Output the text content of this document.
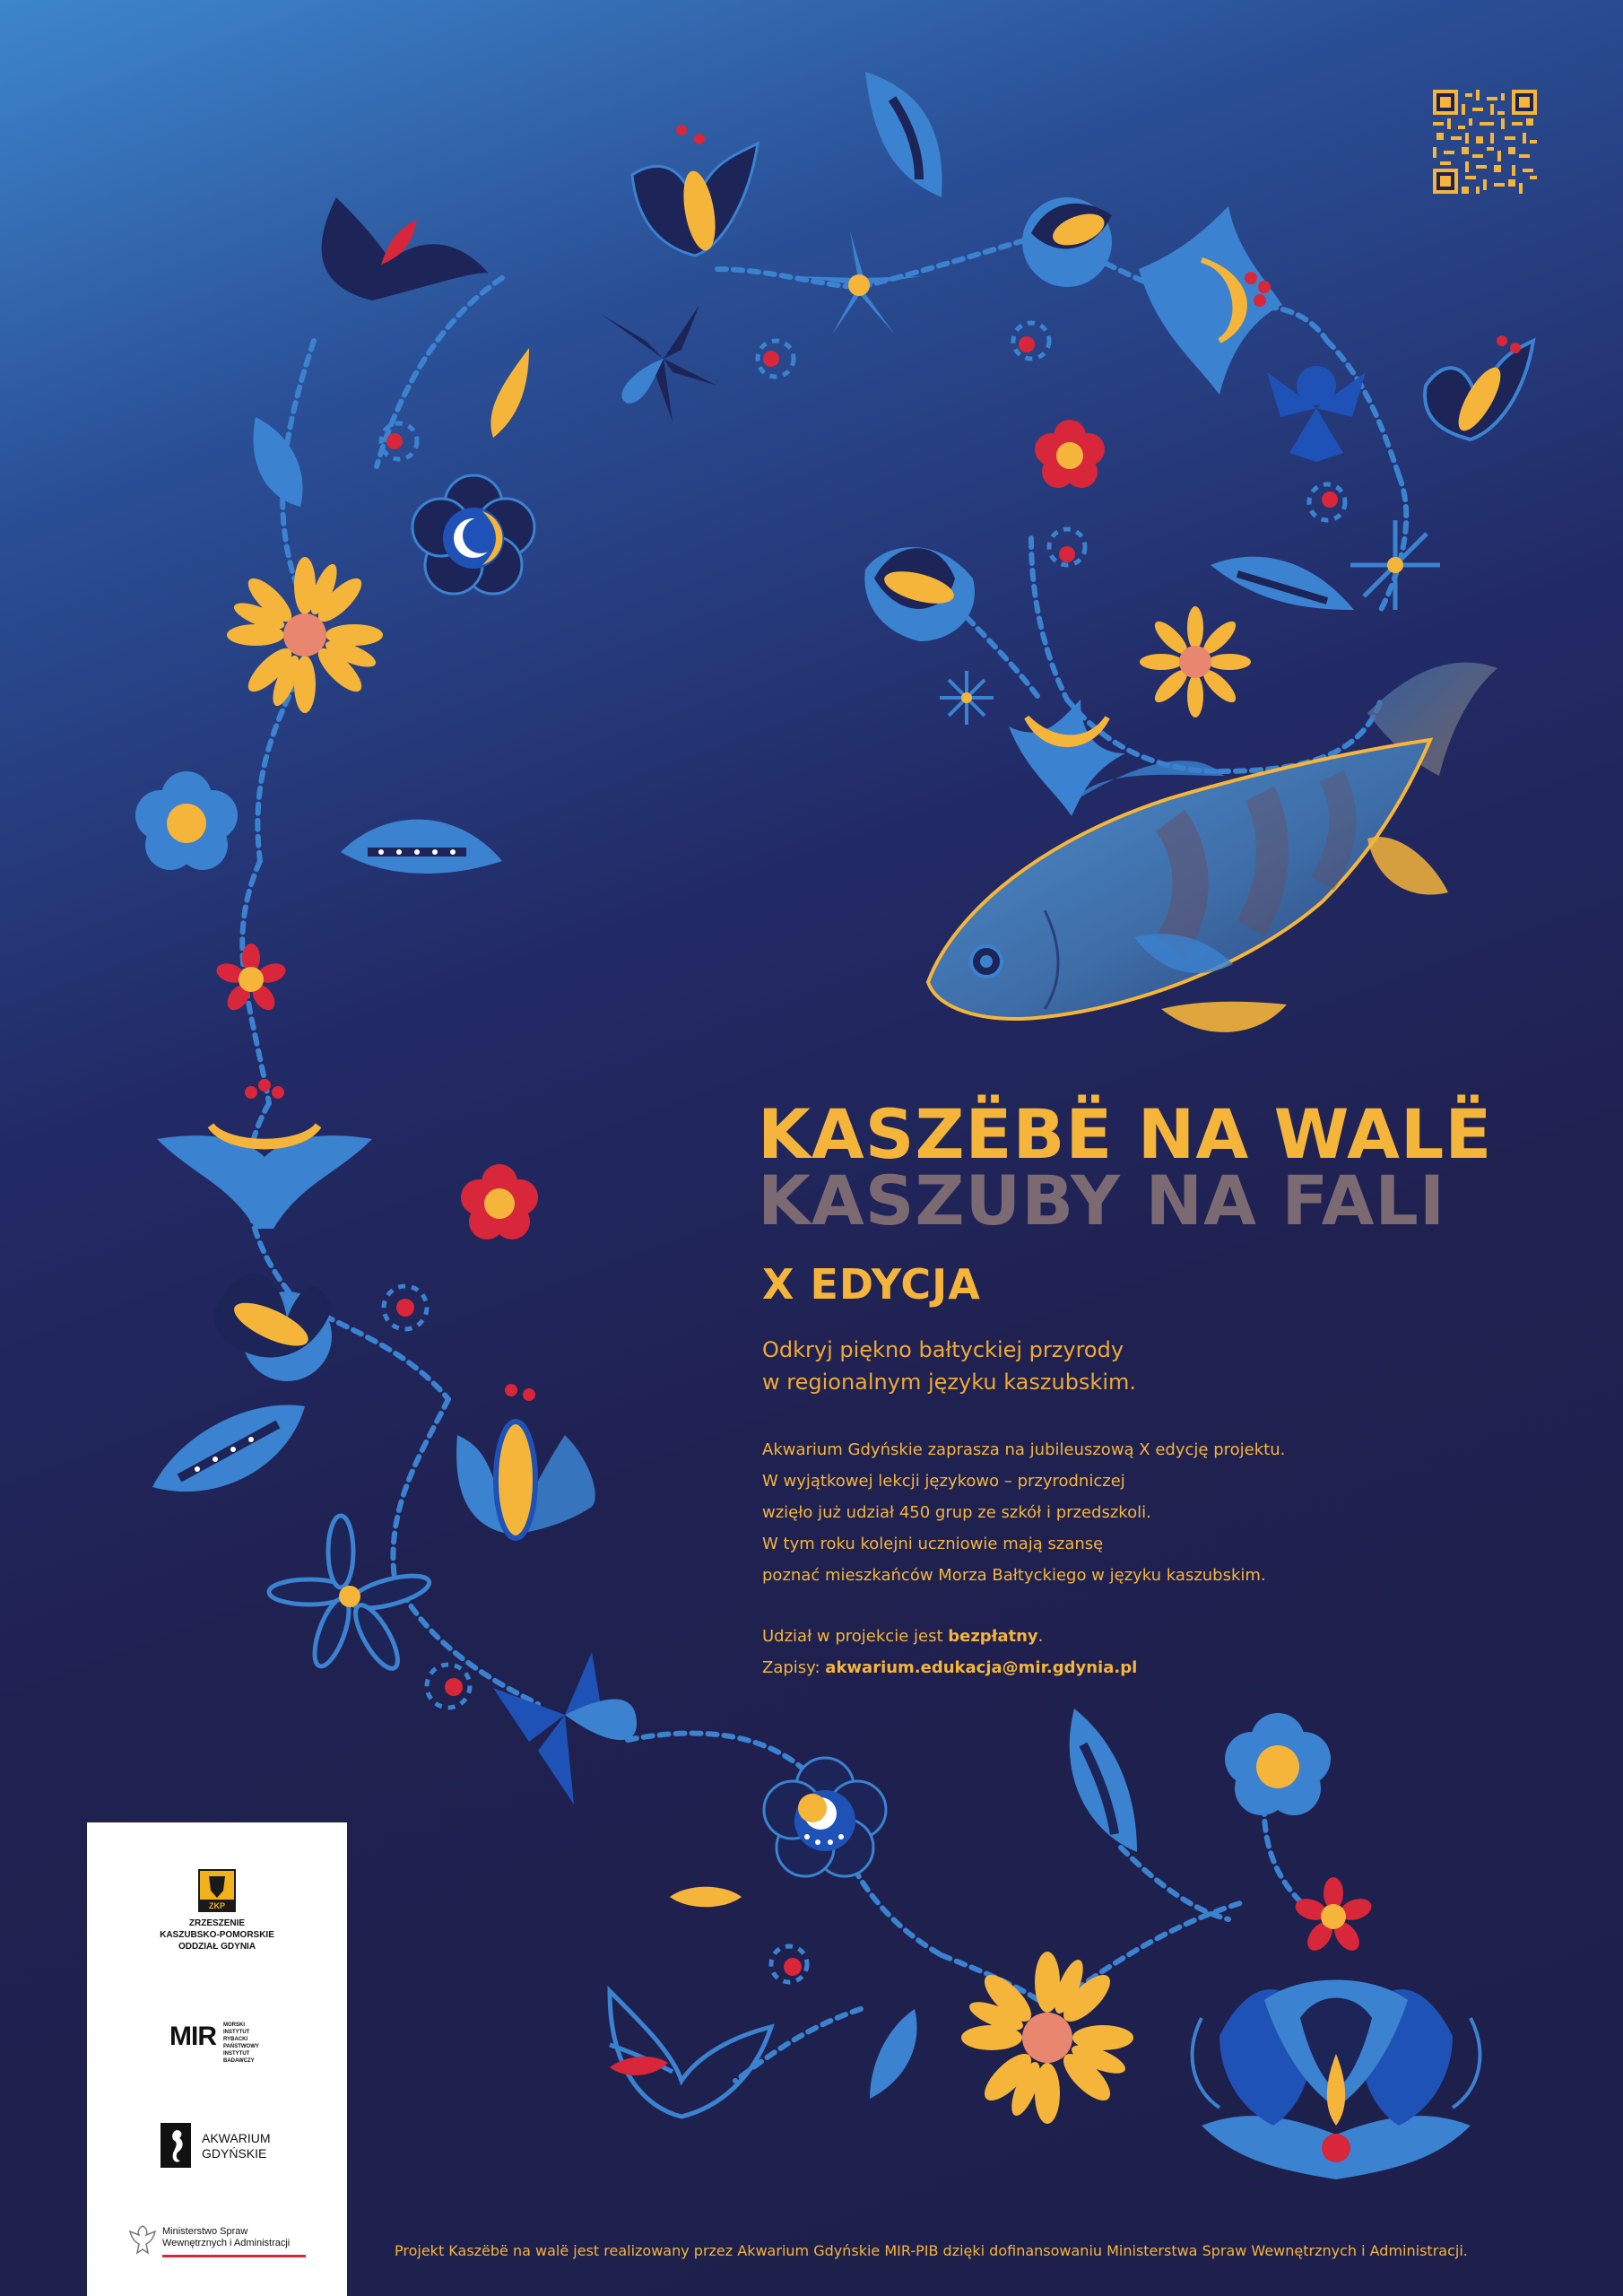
KASZËBË NA WALË
KASZUBY NA FALI
X EDYCJA
Odkryj piękno bałtyckiej przyrody
w regionalnym języku kaszubskim.
Akwarium Gdyńskie zaprasza na jubileuszową X edycję projektu.
W wyjątkowej lekcji językowo – przyrodniczej
wzięło już udział 450 grup ze szkół i przedszkoli.
W tym roku kolejni uczniowie mają szansę
poznać mieszkańców Morza Bałtyckiego w języku kaszubskim.
Udział w projekcie jest bezpłatny.
Zapisy: akwarium.edukacja@mir.gdynia.pl
Projekt Kaszëbë na walë jest realizowany przez Akwarium Gdyńskie MIR-PIB dzięki dofinansowaniu Ministerstwa Spraw Wewnętrznych i Administracji.
ZKP
ZRZESZENIE
KASZUBSKO-POMORSKIE
ODDZIAŁ GDYNIA
MIR MORSKI
INSTYTUT
RYBACKI
PAŃSTWOWY
INSTYTUT
BADAWCZY
AKWARIUM
GDYŃSKIE
Ministerstwo Spraw
Wewnętrznych i Administracji
